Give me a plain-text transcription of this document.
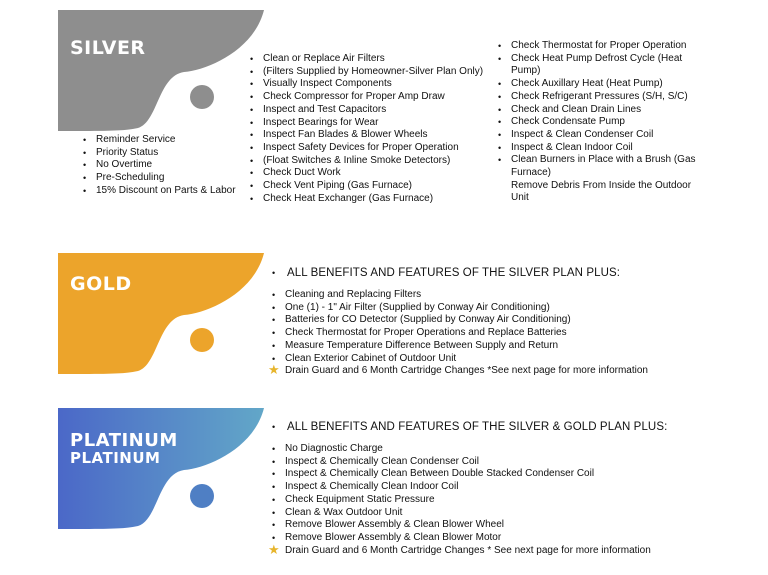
SILVER
• Reminder Service
• Priority Status
• No Overtime
• Pre-Scheduling
• 15% Discount on Parts & Labor
• Clean or Replace Air Filters
• (Filters Supplied by Homeowner-Silver Plan Only)
• Visually Inspect Components
• Check Compressor for Proper Amp Draw
• Inspect and Test Capacitors
• Inspect Bearings for Wear
• Inspect Fan Blades & Blower Wheels
• Inspect Safety Devices for Proper Operation
• (Float Switches & Inline Smoke Detectors)
• Check Duct Work
• Check Vent Piping (Gas Furnace)
• Check Heat Exchanger (Gas Furnace)
• Check Thermostat for Proper Operation
• Check Heat Pump Defrost Cycle (Heat Pump)
• Check Auxillary Heat (Heat Pump)
• Check Refrigerant Pressures (S/H, S/C)
• Check and Clean Drain Lines
• Check Condensate Pump
• Inspect & Clean Condenser Coil
• Inspect & Clean Indoor Coil
• Clean Burners in Place with a Brush (Gas Furnace)
Remove Debris From Inside the Outdoor Unit
GOLD	• ALL BENEFITS AND FEATURES OF THE SILVER PLAN PLUS:
• Cleaning and Replacing Filters
• One (1) - 1" Air Filter (Supplied by Conway Air Conditioning)
• Batteries for CO Detector (Supplied by Conway Air Conditioning)
• Check Thermostat for Proper Operations and Replace Batteries
• Measure Temperature Difference Between Supply and Return
• Clean Exterior Cabinet of Outdoor Unit
★ Drain Guard and 6 Month Cartridge Changes *See next page for more information
PLATINUM
PLATINUM
• ALL BENEFITS AND FEATURES OF THE SILVER & GOLD PLAN PLUS:
• No Diagnostic Charge
• Inspect & Chemically Clean Condenser Coil
• Inspect & Chemically Clean Between Double Stacked Condenser Coil
• Inspect & Chemically Clean Indoor Coil
• Check Equipment Static Pressure
• Clean & Wax Outdoor Unit
• Remove Blower Assembly & Clean Blower Wheel
• Remove Blower Assembly & Clean Blower Motor
★ Drain Guard and 6 Month Cartridge Changes * See next page for more information
